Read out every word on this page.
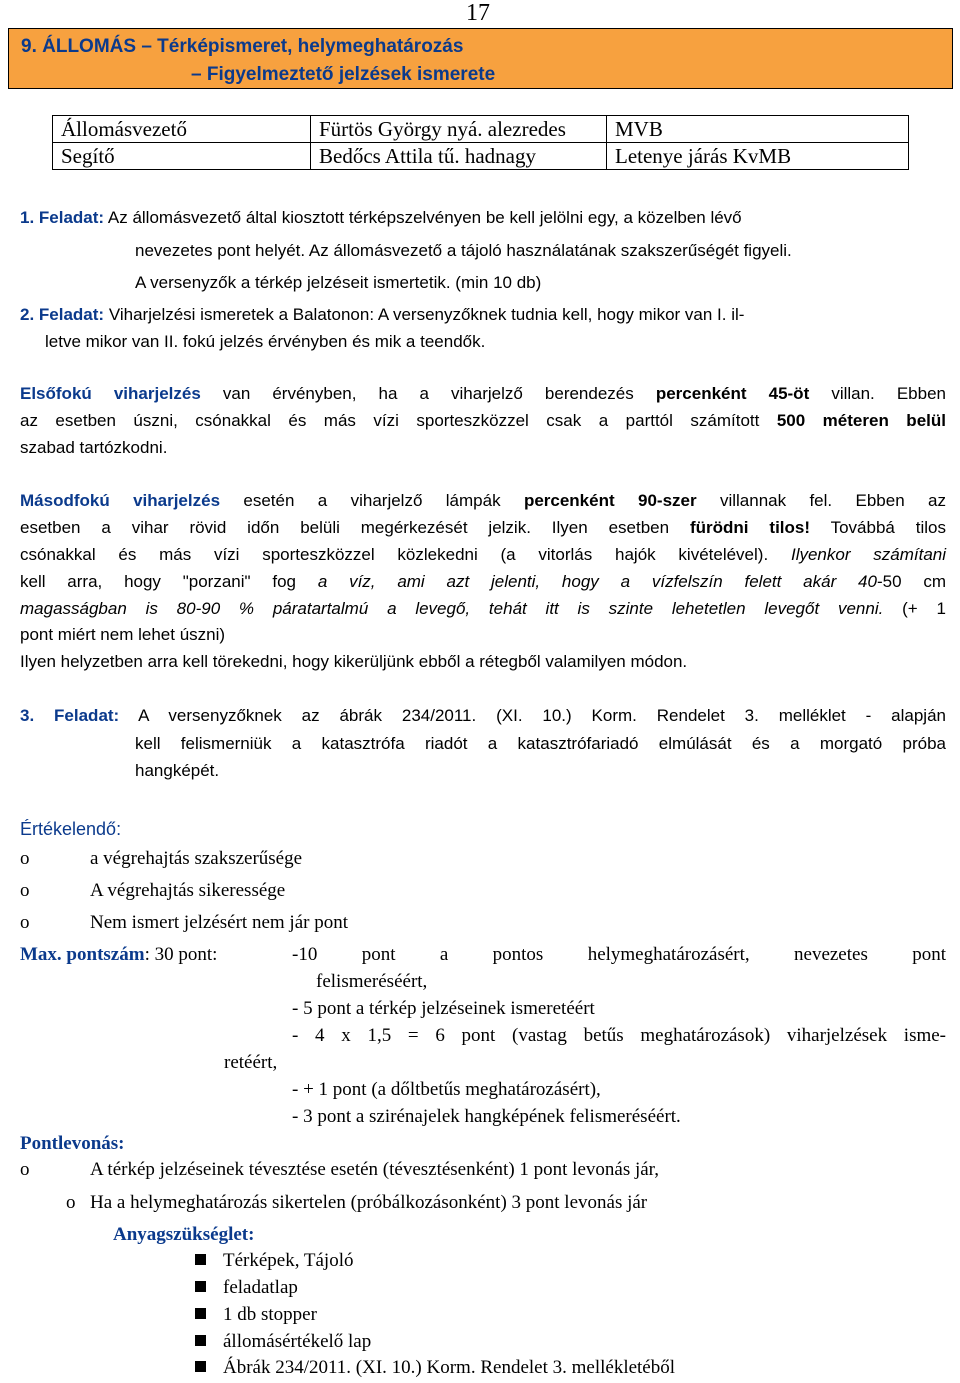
17
9. ÁLLOMÁS – Térképismeret, helymeghatározás
– Figyelmeztető jelzések ismerete
Állomásvezető	Fürtös György nyá. alezredes	MVB
Segítő	Bedőcs Attila tű. hadnagy	Letenye járás KvMB
1. Feladat: Az állomásvezető által kiosztott térképszelvényen be kell jelölni egy, a közelben lévő
nevezetes pont helyét. Az állomásvezető a tájoló használatának szakszerűségét figyeli.
A versenyzők a térkép jelzéseit ismertetik. (min 10 db)
2. Feladat: Viharjelzési ismeretek a Balatonon: A versenyzőknek tudnia kell, hogy mikor van I. il-
letve mikor van II. fokú jelzés érvényben és mik a teendők.
Elsőfokú viharjelzés van érvényben, ha a viharjelző berendezés percenként 45-öt villan. Ebben
az esetben úszni, csónakkal és más vízi sporteszközzel csak a parttól számított 500 méteren belül
szabad tartózkodni.
Másodfokú viharjelzés esetén a viharjelző lámpák percenként 90-szer villannak fel. Ebben az
esetben a vihar rövid időn belüli megérkezését jelzik. Ilyen esetben fürödni tilos! Továbbá tilos
csónakkal és más vízi sporteszközzel közlekedni (a vitorlás hajók kivételével). Ilyenkor számítani
kell arra, hogy "porzani" fog a víz, ami azt jelenti, hogy a vízfelszín felett akár 40-50 cm
magasságban is 80-90 % páratartalmú a levegő, tehát itt is szinte lehetetlen levegőt venni. (+ 1
pont miért nem lehet úszni)
Ilyen helyzetben arra kell törekedni, hogy kikerüljünk ebből a rétegből valamilyen módon.
3. Feladat: A versenyzőknek az ábrák 234/2011. (XI. 10.) Korm. Rendelet 3. melléklet - alapján
kell felismerniük a katasztrófa riadót a katasztrófariadó elmúlását és a morgató próba
hangképét.
Értékelendő:
o	a végrehajtás szakszerűsége
o	A végrehajtás sikeressége
o	Nem ismert jelzésért nem jár pont
Max. pontszám: 30 pont:	-10 pont a pontos helymeghatározásért, nevezetes pont
felismeréséért,
- 5 pont a térkép jelzéseinek ismeretéért
- 4 x 1,5 = 6 pont (vastag betűs meghatározások) viharjelzések isme-
retéért,
- + 1 pont (a dőltbetűs meghatározásért),
- 3 pont a szirénajelek hangképének felismeréséért.
Pontlevonás:
o	A térkép jelzéseinek tévesztése esetén (tévesztésenként) 1 pont levonás jár,
o Ha a helymeghatározás sikertelen (próbálkozásonként) 3 pont levonás jár
Anyagszükséglet:
Térképek, Tájoló
feladatlap
1 db stopper
állomásértékelő lap
Ábrák 234/2011. (XI. 10.) Korm. Rendelet 3. mellékletéből
